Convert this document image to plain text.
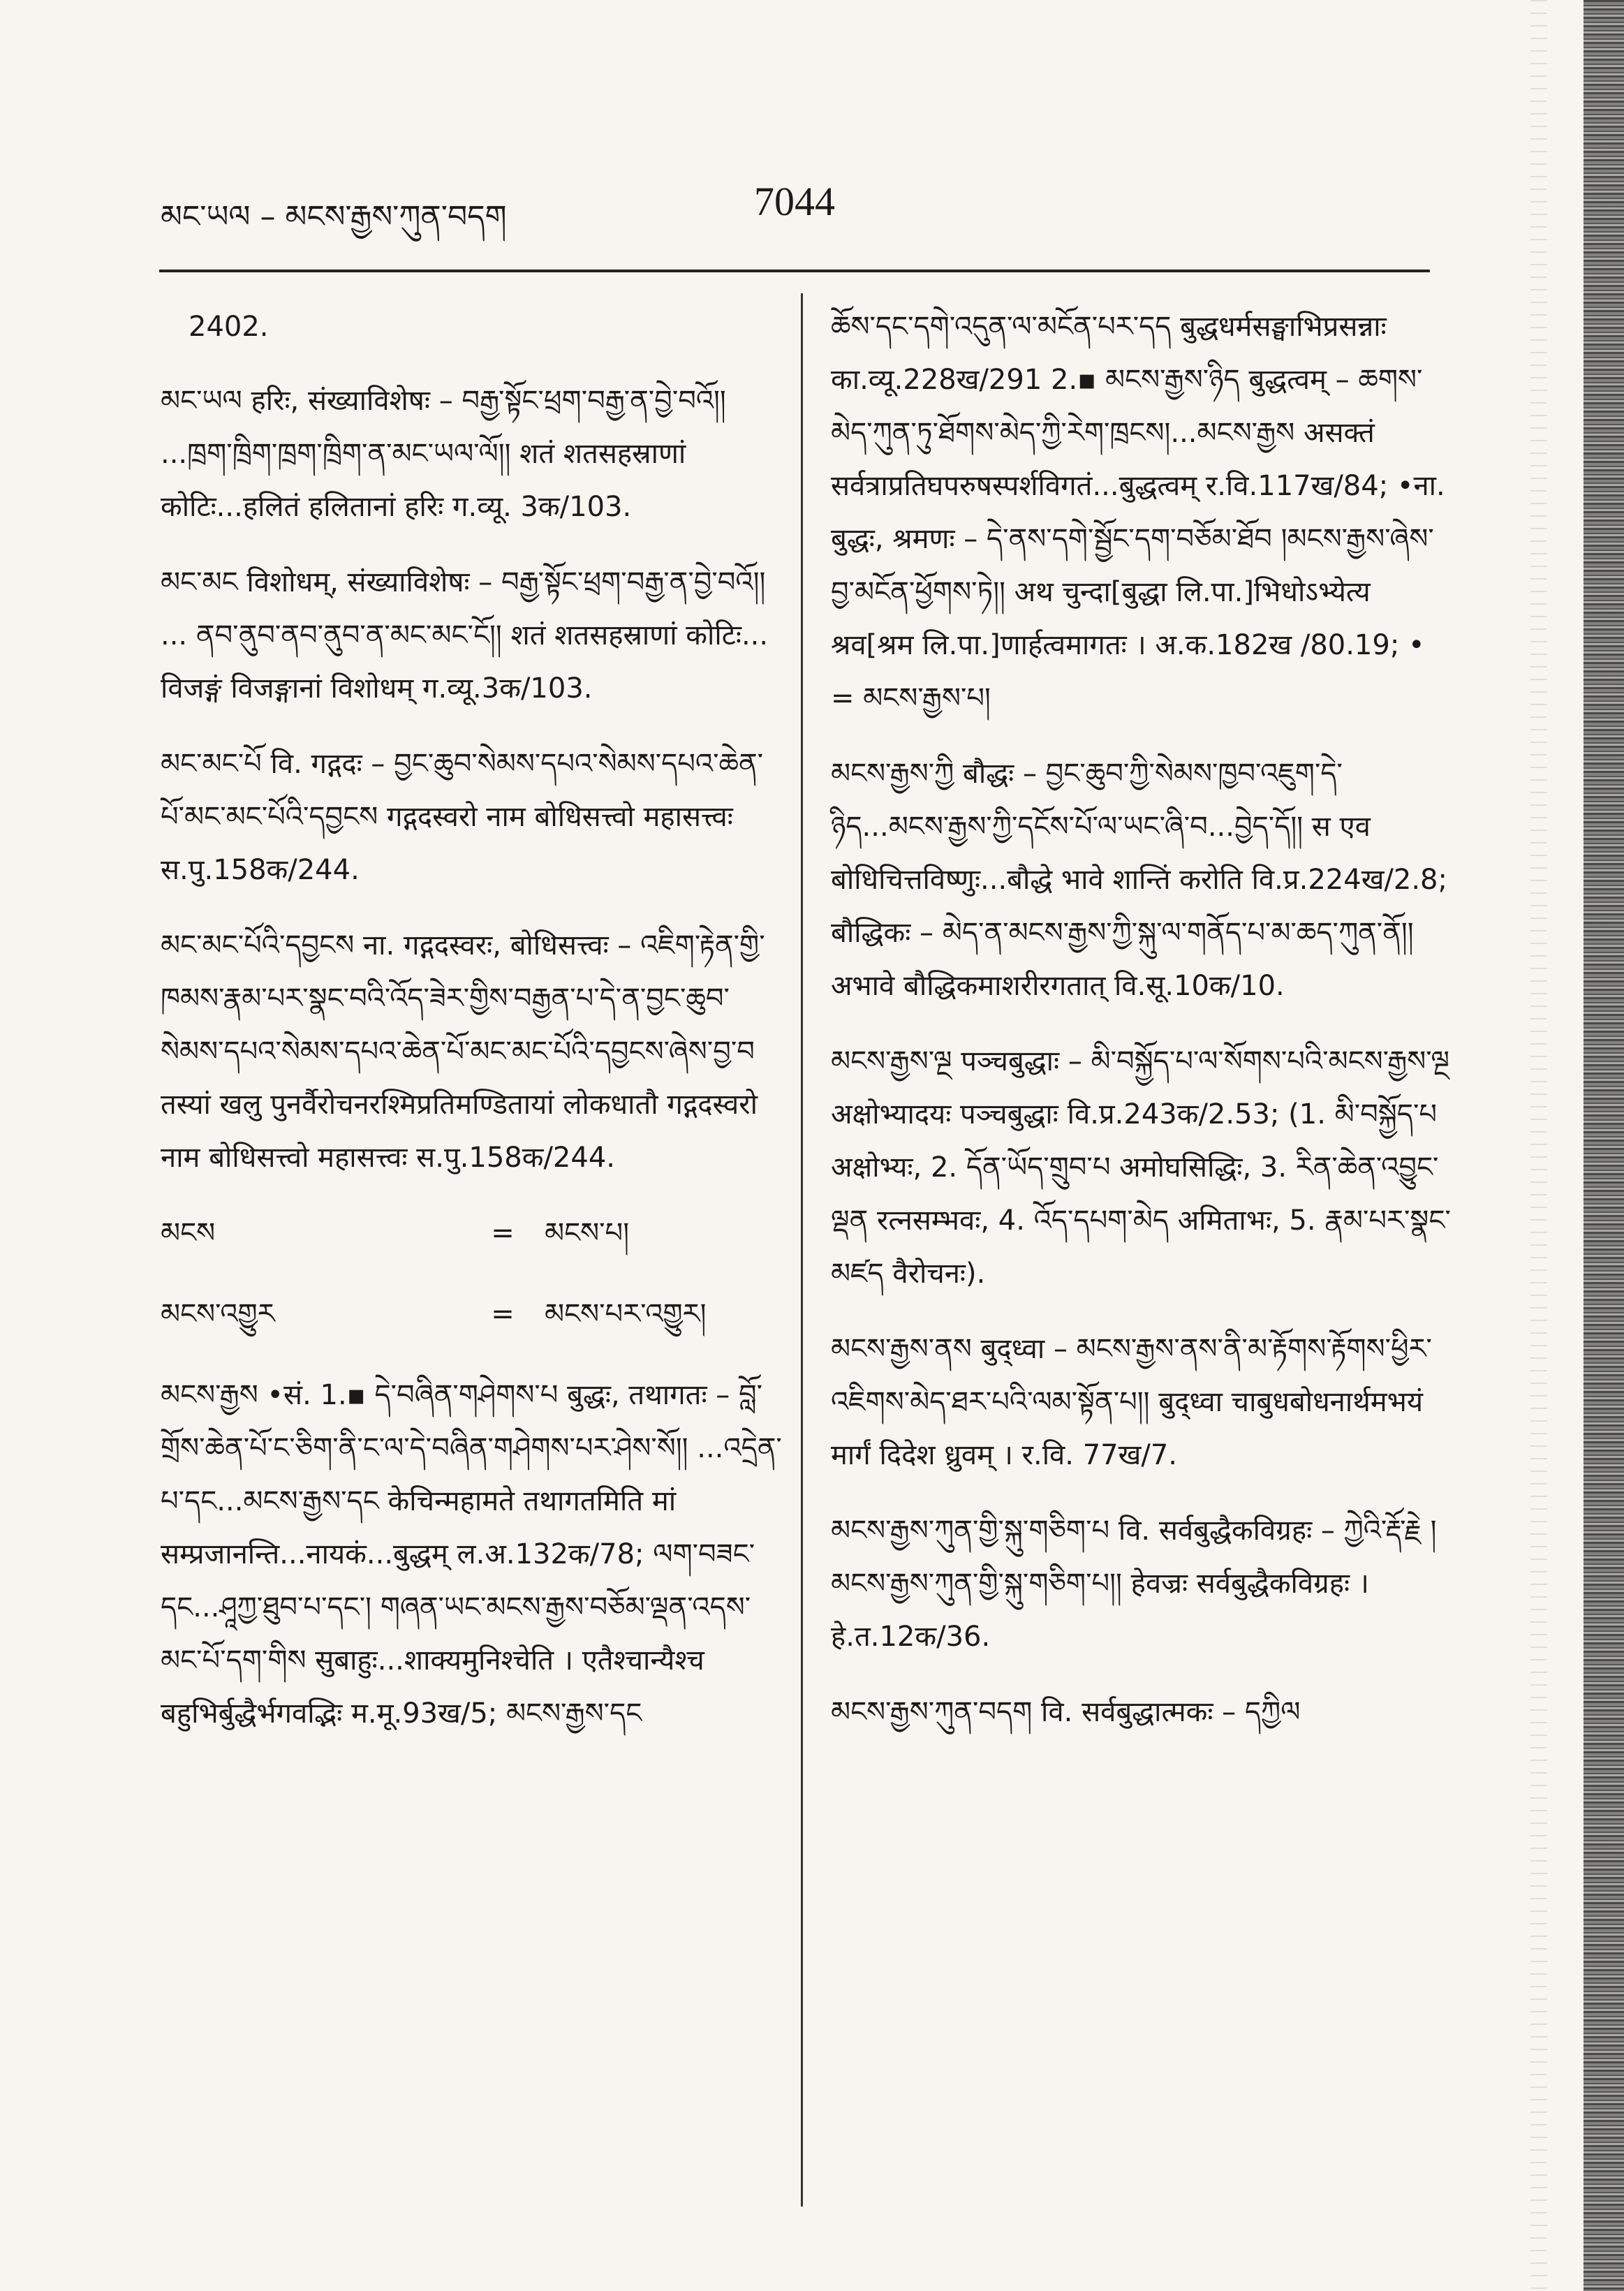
མང་ཡལ – མངས་རྒྱས་ཀུན་བདག	7044
2402.
མང་ཡལ हरिः, संख्याविशेषः – བརྒྱ་སྟོང་ཕྲག་བརྒྱ་ན་བྱེ་བའོ།། ...ཁྲག་ཁྲིག་ཁྲག་ཁྲིག་ན་མང་ཡལ་ལོ།། शतं शतसहस्राणां कोटिः...हलितं हलितानां हरिः ग.व्यू. 3क/103.
མང་མང विशोधम्, संख्याविशेषः – བརྒྱ་སྟོང་ཕྲག་བརྒྱ་ན་བྱེ་བའོ།། ... ནབ་ནུབ་ནབ་ནུབ་ན་མང་མང་ངོ།། शतं शतसहस्राणां कोटिः... विजङ्गं विजङ्गानां विशोधम् ग.व्यू.3क/103.
མང་མང་པོ वि. गद्गदः – བྱང་ཆུབ་སེམས་དཔའ་སེམས་དཔའ་ཆེན་པོ་མང་མང་པོའི་དབྱངས गद्गदस्वरो नाम बोधिसत्त्वो महासत्त्वः स.पु.158क/244.
མང་མང་པོའི་དབྱངས ना. गद्गदस्वरः, बोधिसत्त्वः – འཇིག་རྟེན་གྱི་ཁམས་རྣམ་པར་སྣང་བའི་འོད་ཟེར་གྱིས་བརྒྱན་པ་དེ་ན་བྱང་ཆུབ་སེམས་དཔའ་སེམས་དཔའ་ཆེན་པོ་མང་མང་པོའི་དབྱངས་ཞེས་བྱ་བ तस्यां खलु पुनर्वैरोचनरश्मिप्रतिमण्डितायां लोकधातौ गद्गदस्वरो नाम बोधिसत्त्वो महासत्त्वः स.पु.158क/244.
མངས	=	མངས་པ།
མངས་འགྱུར	=	མངས་པར་འགྱུར།
མངས་རྒྱས •सं. 1.▪ དེ་བཞིན་གཤེགས་པ बुद्धः, तथागतः – བློ་གྲོས་ཆེན་པོ་ང་ཅིག་ནི་ང་ལ་དེ་བཞིན་གཤེགས་པར་ཤེས་སོ།། ...འདྲེན་པ་དང...མངས་རྒྱས་དང केचिन्महामते तथागतमिति मां सम्प्रजानन्ति...नायकं...बुद्धम् ल.अ.132क/78; ལག་བཟང་དང...ཤཱཀྱ་ཐུབ་པ་དང་། གཞན་ཡང་མངས་རྒྱས་བཅོམ་ལྡན་འདས་མང་པོ་དག་གིས सुबाहुः...शाक्यमुनिश्चेति । एतैश्चान्यैश्च बहुभिर्बुद्धैर्भगवद्भिः म.मू.93ख/5; མངས་རྒྱས་དང
ཆོས་དང་དགེ་འདུན་ལ་མངོན་པར་དད बुद्धधर्मसङ्घाभिप्रसन्नाः का.व्यू.228ख/291 2.▪ མངས་རྒྱས་ཉིད बुद्धत्वम् – ཆགས་མེད་ཀུན་ཏུ་ཐོགས་མེད་ཀྱི་རེག་ཁྲངས།...མངས་རྒྱས असक्तं सर्वत्राप्रतिघपरुषस्पर्शविगतं...बुद्धत्वम् र.वि.117ख/84; •ना. बुद्धः, श्रमणः – དེ་ནས་དགེ་སྦྱོང་དག་བཅོམ་ཐོབ །མངས་རྒྱས་ཞེས་བྱ་མངོན་ཕྱོགས་ཏེ།། अथ चुन्दा[बुद्धा लि.पा.]भिधोऽभ्येत्य श्रव[श्रम लि.पा.]णार्हत्वमागतः । अ.क.182ख /80.19; • = མངས་རྒྱས་པ།
མངས་རྒྱས་ཀྱི बौद्धः – བྱང་ཆུབ་ཀྱི་སེམས་ཁྱབ་འཇུག་དེ་ཉིད...མངས་རྒྱས་ཀྱི་དངོས་པོ་ལ་ཡང་ཞི་བ...བྱེད་དོ།། स एव बोधिचित्तविष्णुः...बौद्धे भावे शान्तिं करोति वि.प्र.224ख/2.8; बौद्धिकः – མེད་ན་མངས་རྒྱས་ཀྱི་སྐུ་ལ་གནོད་པ་མ་ཆད་ཀུན་ནོ།། अभावे बौद्धिकमाशरीरगतात् वि.सू.10क/10.
མངས་རྒྱས་ལྔ पञ्चबुद्धाः – མི་བསྐྱོད་པ་ལ་སོགས་པའི་མངས་རྒྱས་ལྔ अक्षोभ्यादयः पञ्चबुद्धाः वि.प्र.243क/2.53; (1. མི་བསྐྱོད་པ अक्षोभ्यः, 2. དོན་ཡོད་གྲུབ་པ अमोघसिद्धिः, 3. རིན་ཆེན་འབྱུང་ལྡན रत्नसम्भवः, 4. འོད་དཔག་མེད अमिताभः, 5. རྣམ་པར་སྣང་མཛད वैरोचनः).
མངས་རྒྱས་ནས बुद्ध्वा – མངས་རྒྱས་ནས་ནི་མ་རྟོགས་རྟོགས་ཕྱིར་འཇིགས་མེད་ཐར་པའི་ལམ་སྟོན་པ།། बुद्ध्वा चाबुधबोधनार्थमभयं मार्गं दिदेश ध्रुवम् । र.वि. 77ख/7.
མངས་རྒྱས་ཀུན་གྱི་སྐུ་གཅིག་པ वि. सर्वबुद्धैकविग्रहः – ཀྱེའི་རྡོ་རྗེ །མངས་རྒྱས་ཀུན་གྱི་སྐུ་གཅིག་པ།། हेवज्रः सर्वबुद्धैकविग्रहः । हे.त.12क/36.
མངས་རྒྱས་ཀུན་བདག वि. सर्वबुद्धात्मकः – དཀྱིལ
